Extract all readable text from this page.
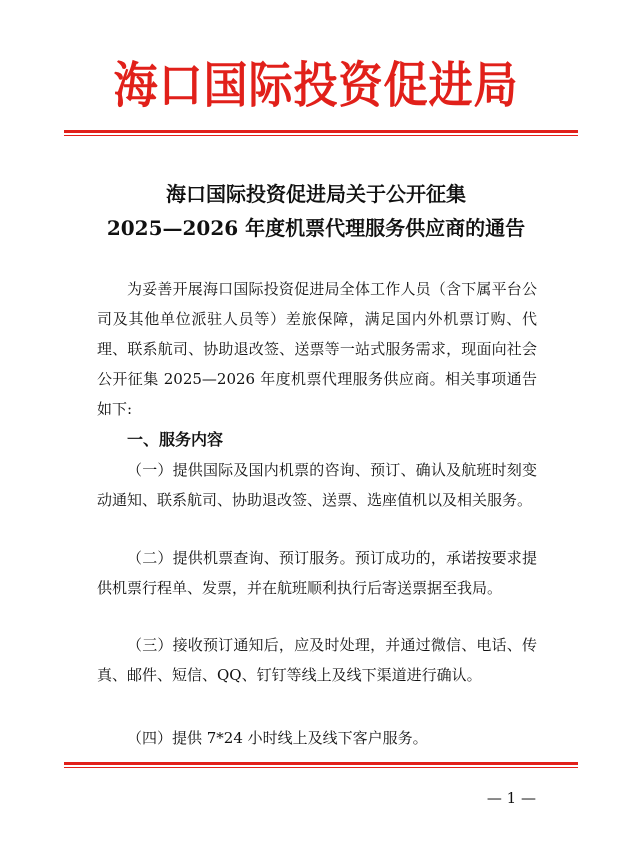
海口国际投资促进局
海口国际投资促进局关于公开征集
2025—2026 年度机票代理服务供应商的通告

为妥善开展海口国际投资促进局全体工作人员（含下属平台公司及其他单位派驻人员等）差旅保障，满足国内外机票订购、代理、联系航司、协助退改签、送票等一站式服务需求，现面向社会公开征集 2025—2026 年度机票代理服务供应商。相关事项通告如下:

一、服务内容

（一）提供国际及国内机票的咨询、预订、确认及航班时刻变动通知、联系航司、协助退改签、送票、选座值机以及相关服务。

（二）提供机票查询、预订服务。预订成功的，承诺按要求提供机票行程单、发票，并在航班顺利执行后寄送票据至我局。

（三）接收预订通知后，应及时处理，并通过微信、电话、传真、邮件、短信、QQ、钉钉等线上及线下渠道进行确认。

（四）提供 7*24 小时线上及线下客户服务。

— 1 —
